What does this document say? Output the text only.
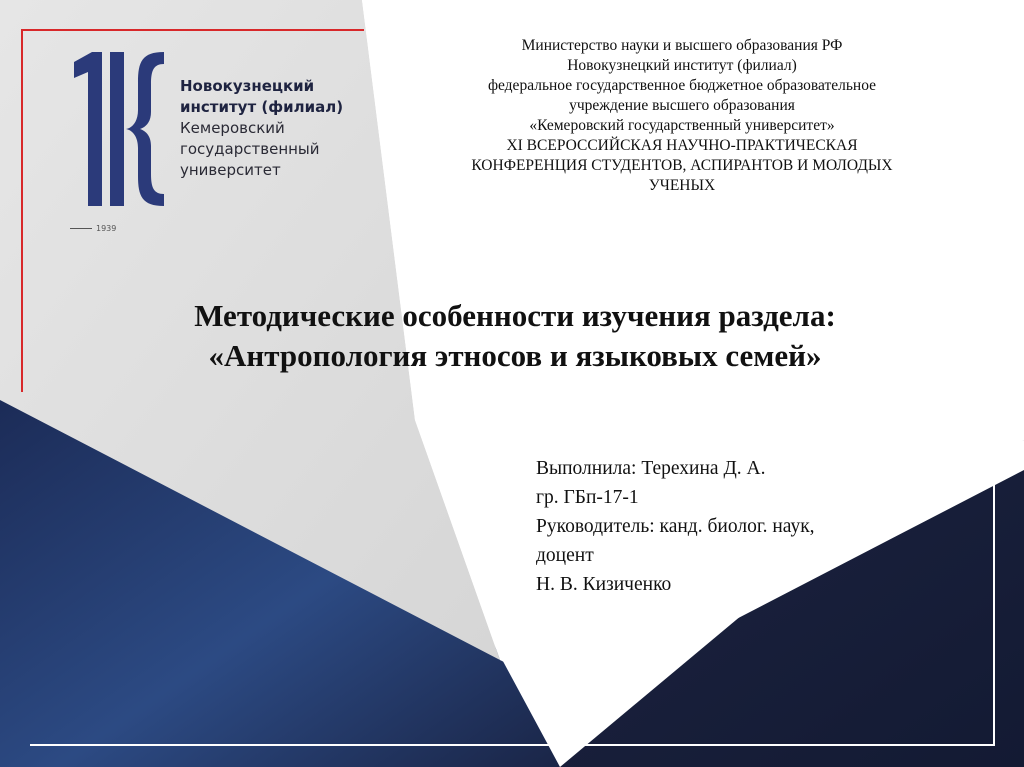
Новокузнецкий
институт (филиал)
Кемеровский
государственный
университет
1939
Министерство науки и высшего образования РФ
Новокузнецкий институт (филиал)
федеральное государственное бюджетное образовательное
учреждение высшего образования
«Кемеровский государственный университет»
XI ВСЕРОССИЙСКАЯ НАУЧНО-ПРАКТИЧЕСКАЯ
КОНФЕРЕНЦИЯ СТУДЕНТОВ, АСПИРАНТОВ И МОЛОДЫХ
УЧЕНЫХ
Методические особенности изучения раздела:
«Антропология этносов и языковых семей»
Выполнила: Терехина Д. А.
гр. ГБп-17-1
Руководитель: канд. биолог. наук,
доцент
Н. В. Кизиченко
